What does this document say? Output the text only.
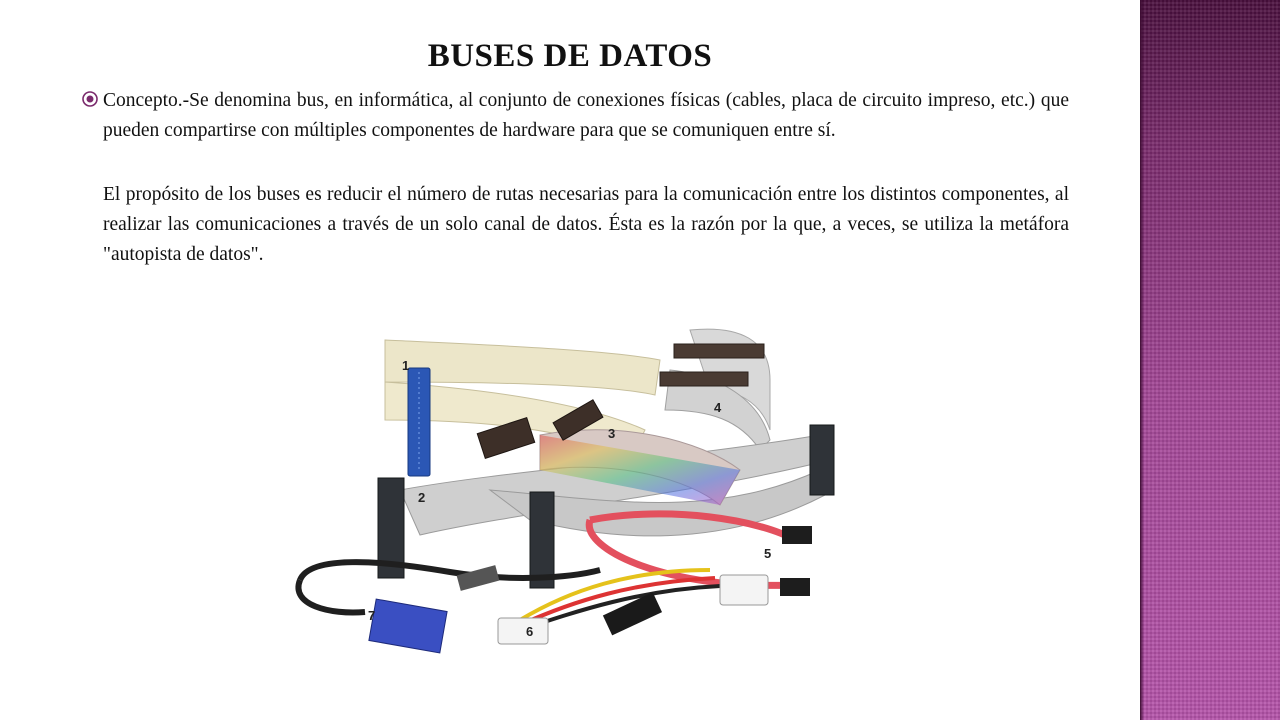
BUSES DE DATOS

Concepto.-Se denomina bus, en informática, al conjunto de conexiones físicas (cables, placa de circuito impreso, etc.) que pueden compartirse con múltiples componentes de hardware para que se comuniquen entre sí.

El propósito de los buses es reducir el número de rutas necesarias para la comunicación entre los distintos componentes, al realizar las comunicaciones a través de un solo canal de datos. Ésta es la razón por la que, a veces, se utiliza la metáfora "autopista de datos".

1
2
3
4
5
6
7
